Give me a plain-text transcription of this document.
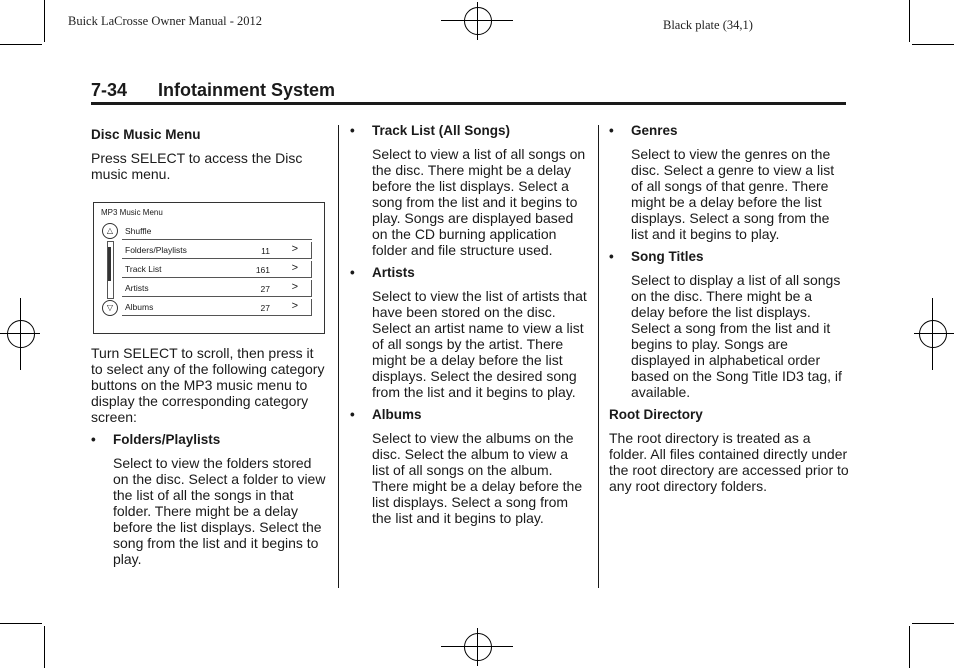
Buick LaCrosse Owner Manual - 2012	Black plate (34,1)
7-34 Infotainment System
Disc Music Menu

Press SELECT to access the Disc music menu.

MP3 Music Menu
△
▽
Shuffle
Folders/Playlists	11 >
Track List	161 >
Artists	27 >
Albums	27 >

Turn SELECT to scroll, then press it to select any of the following category buttons on the MP3 music menu to display the corresponding category screen:

• Folders/Playlists

Select to view the folders stored on the disc. Select a folder to view the list of all the songs in that folder. There might be a delay before the list displays. Select the song from the list and it begins to play.

• Track List (All Songs)

Select to view a list of all songs on the disc. There might be a delay before the list displays. Select a song from the list and it begins to play. Songs are displayed based on the CD burning application folder and file structure used.

• Artists

Select to view the list of artists that have been stored on the disc. Select an artist name to view a list of all songs by the artist. There might be a delay before the list displays. Select the desired song from the list and it begins to play.

• Albums

Select to view the albums on the disc. Select the album to view a list of all songs on the album. There might be a delay before the list displays. Select a song from the list and it begins to play.

• Genres

Select to view the genres on the disc. Select a genre to view a list of all songs of that genre. There might be a delay before the list displays. Select a song from the list and it begins to play.

• Song Titles

Select to display a list of all songs on the disc. There might be a delay before the list displays. Select a song from the list and it begins to play. Songs are displayed in alphabetical order based on the Song Title ID3 tag, if available.

Root Directory

The root directory is treated as a folder. All files contained directly under the root directory are accessed prior to any root directory folders.
